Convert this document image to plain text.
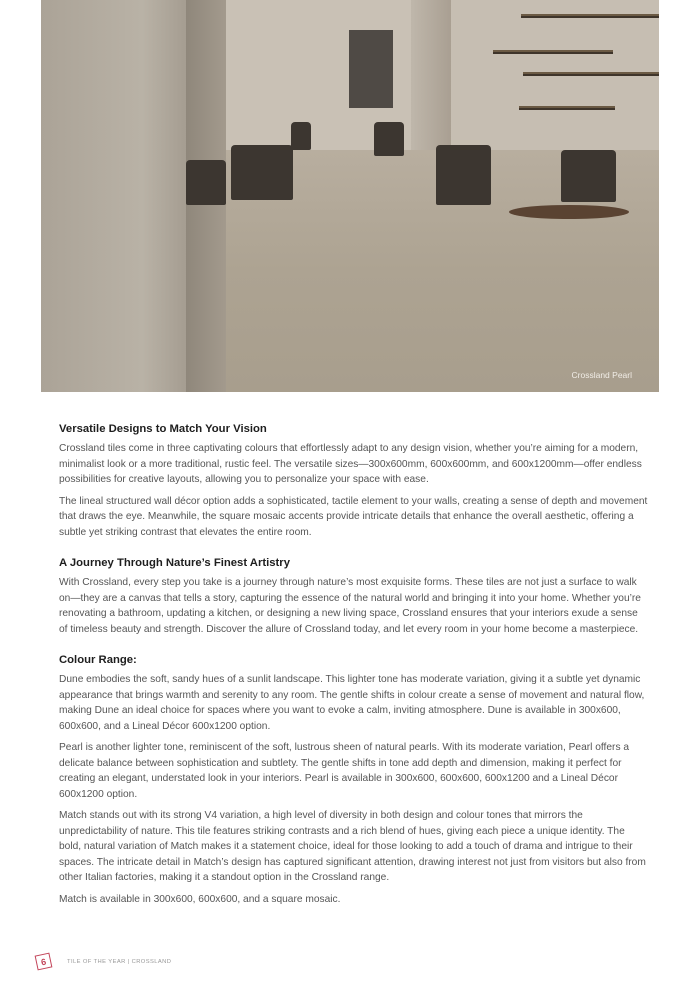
Crossland Pearl
Versatile Designs to Match Your Vision

Crossland tiles come in three captivating colours that effortlessly adapt to any design vision, whether you’re aiming for a modern, minimalist look or a more traditional, rustic feel. The versatile sizes—300x600mm, 600x600mm, and 600x1200mm—offer endless possibilities for creative layouts, allowing you to personalize your space with ease.

The lineal structured wall décor option adds a sophisticated, tactile element to your walls, creating a sense of depth and movement that draws the eye. Meanwhile, the square mosaic accents provide intricate details that enhance the overall aesthetic, offering a subtle yet striking contrast that elevates the entire room.

A Journey Through Nature’s Finest Artistry

With Crossland, every step you take is a journey through nature’s most exquisite forms. These tiles are not just a surface to walk on—they are a canvas that tells a story, capturing the essence of the natural world and bringing it into your home. Whether you’re renovating a bathroom, updating a kitchen, or designing a new living space, Crossland ensures that your interiors exude a sense of timeless beauty and strength. Discover the allure of Crossland today, and let every room in your home become a masterpiece.

Colour Range:

Dune embodies the soft, sandy hues of a sunlit landscape. This lighter tone has moderate variation, giving it a subtle yet dynamic appearance that brings warmth and serenity to any room. The gentle shifts in colour create a sense of movement and natural flow, making Dune an ideal choice for spaces where you want to evoke a calm, inviting atmosphere. Dune is available in 300x600, 600x600, and a Lineal Décor 600x1200 option.

Pearl is another lighter tone, reminiscent of the soft, lustrous sheen of natural pearls. With its moderate variation, Pearl offers a delicate balance between sophistication and subtlety. The gentle shifts in tone add depth and dimension, making it perfect for creating an elegant, understated look in your interiors. Pearl is available in 300x600, 600x600, 600x1200 and a Lineal Décor 600x1200 option.

Match stands out with its strong V4 variation, a high level of diversity in both design and colour tones that mirrors the unpredictability of nature. This tile features striking contrasts and a rich blend of hues, giving each piece a unique identity. The bold, natural variation of Match makes it a statement choice, ideal for those looking to add a touch of drama and intrigue to their spaces. The intricate detail in Match’s design has captured significant attention, drawing interest not just from visitors but also from other Italian factories, making it a standout option in the Crossland range.

Match is available in 300x600, 600x600, and a square mosaic.

6	TILE OF THE YEAR | CROSSLAND
